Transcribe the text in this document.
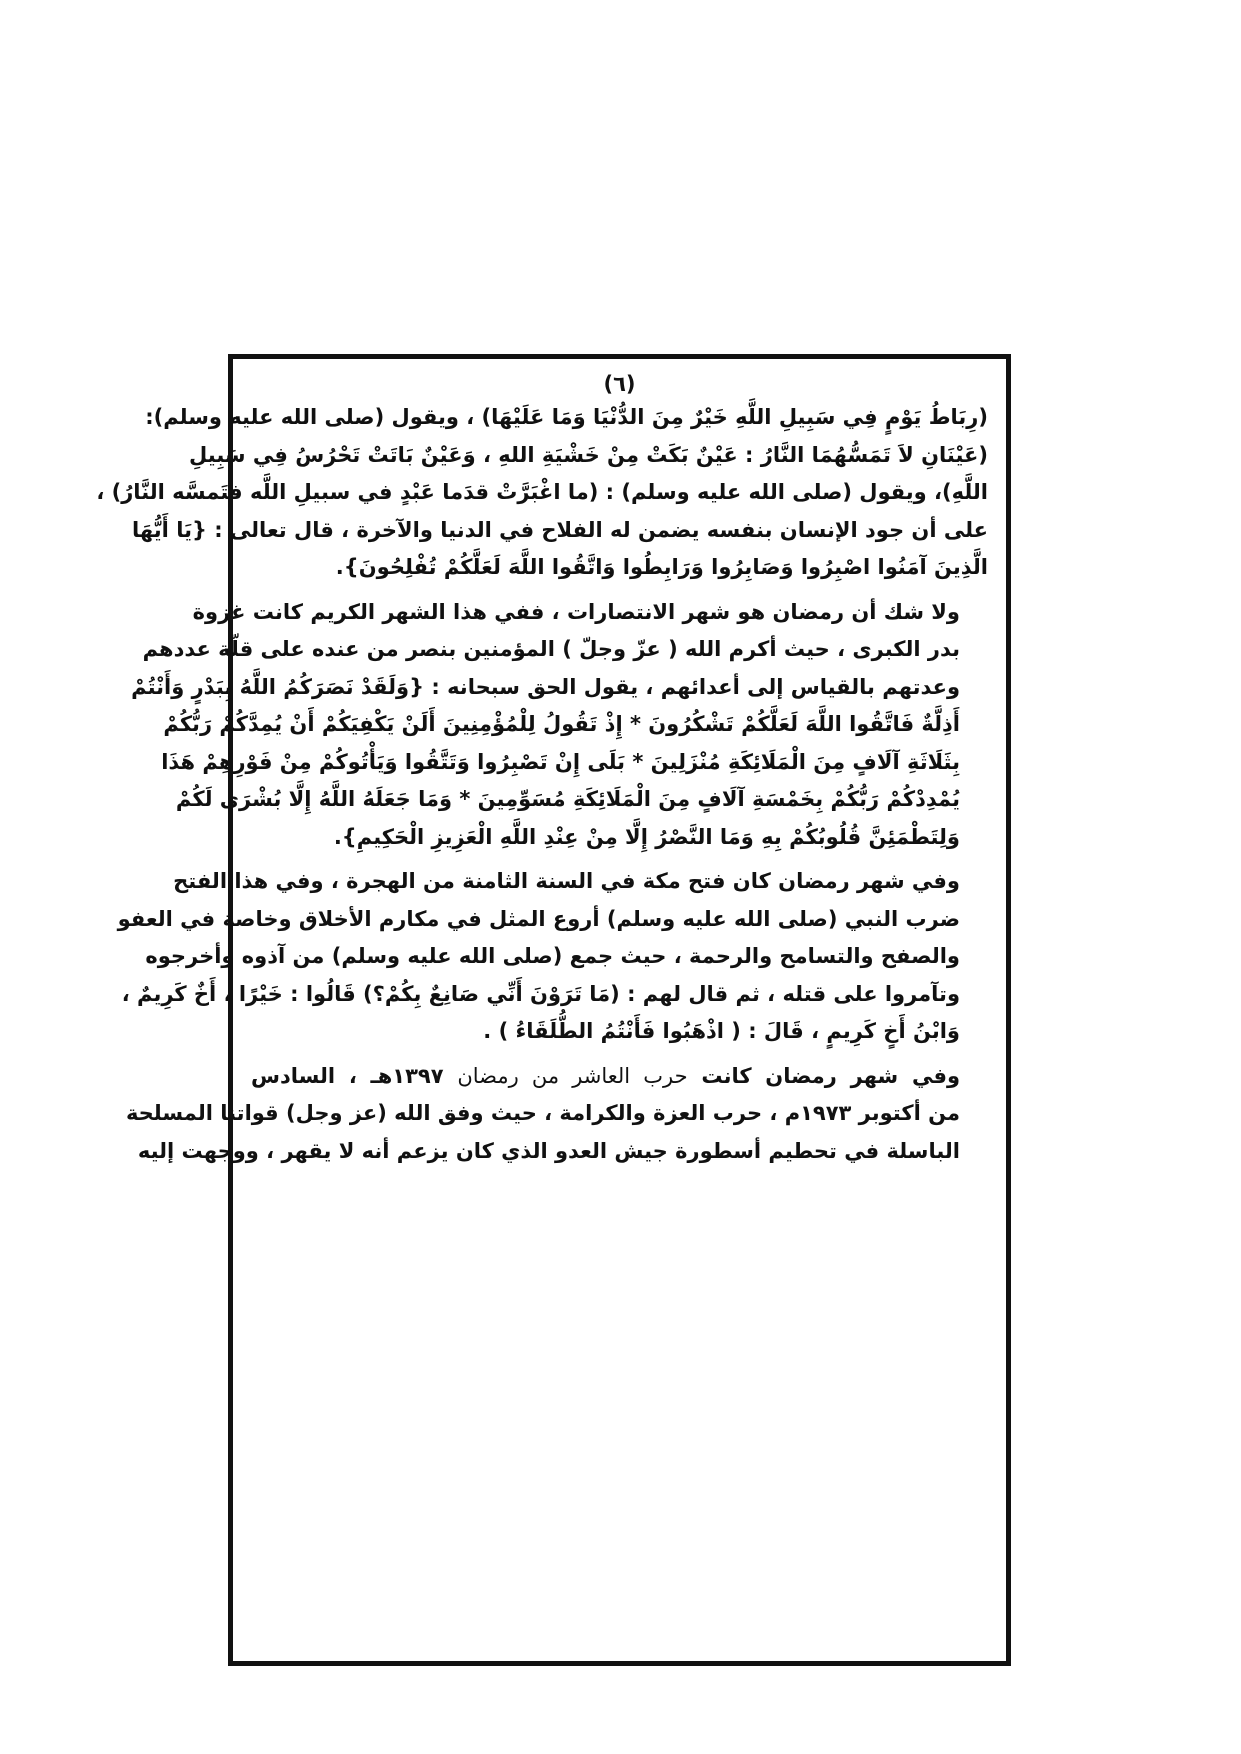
(٦)

(رِبَاطُ يَوْمٍ فِي سَبِيلِ اللَّهِ خَيْرٌ مِنَ الدُّنْيَا وَمَا عَلَيْهَا) ، ويقول (صلى الله عليه وسلم):
(عَيْنَانِ لاَ تَمَسُّهُمَا النَّارُ : عَيْنٌ بَكَتْ مِنْ خَشْيَةِ اللهِ ، وَعَيْنٌ بَاتَتْ تَحْرُسُ فِي سَبِيلِ
اللَّهِ)، ويقول (صلى الله عليه وسلم) : (ما اغْبَرَّتْ قدَما عَبْدٍ في سبيلِ اللَّه فتَمسَّه النَّارُ) ،
على أن جود الإنسان بنفسه يضمن له الفلاح في الدنيا والآخرة ، قال تعالى : {يَا أَيُّهَا
الَّذِينَ آمَنُوا اصْبِرُوا وَصَابِرُوا وَرَابِطُوا وَاتَّقُوا اللَّهَ لَعَلَّكُمْ تُفْلِحُونَ}.

ولا شك أن رمضان هو شهر الانتصارات ، ففي هذا الشهر الكريم كانت غزوة
بدر الكبرى ، حيث أكرم الله ( عزّ وجلّ ) المؤمنين بنصر من عنده على قلّة عددهم
وعدتهم بالقياس إلى أعدائهم ، يقول الحق سبحانه : {وَلَقَدْ نَصَرَكُمُ اللَّهُ بِبَدْرٍ وَأَنْتُمْ
أَذِلَّةٌ فَاتَّقُوا اللَّهَ لَعَلَّكُمْ تَشْكُرُونَ * إِذْ تَقُولُ لِلْمُؤْمِنِينَ أَلَنْ يَكْفِيَكُمْ أَنْ يُمِدَّكُمْ رَبُّكُمْ
بِثَلَاثَةِ آلَافٍ مِنَ الْمَلَائِكَةِ مُنْزَلِينَ * بَلَى إِنْ تَصْبِرُوا وَتَتَّقُوا وَيَأْتُوكُمْ مِنْ فَوْرِهِمْ هَذَا
يُمْدِدْكُمْ رَبُّكُمْ بِخَمْسَةِ آلَافٍ مِنَ الْمَلَائِكَةِ مُسَوِّمِينَ * وَمَا جَعَلَهُ اللَّهُ إِلَّا بُشْرَى لَكُمْ
وَلِتَطْمَئِنَّ قُلُوبُكُمْ بِهِ وَمَا النَّصْرُ إِلَّا مِنْ عِنْدِ اللَّهِ الْعَزِيزِ الْحَكِيمِ}.

وفي شهر رمضان كان فتح مكة في السنة الثامنة من الهجرة ، وفي هذا الفتح
ضرب النبي (صلى الله عليه وسلم) أروع المثل في مكارم الأخلاق وخاصة في العفو
والصفح والتسامح والرحمة ، حيث جمع (صلى الله عليه وسلم) من آذوه وأخرجوه
وتآمروا على قتله ، ثم قال لهم : (مَا تَرَوْنَ أَنِّي صَانِعٌ بِكُمْ؟) قَالُوا : خَيْرًا ، أَخٌ كَرِيمٌ ،
وَابْنُ أَخٍ كَرِيمٍ ، قَالَ : ( اذْهَبُوا فَأَنْتُمُ الطُّلَقَاءُ ) .

وفي شهر رمضان كانت حرب العاشر من رمضان ١٣٩٧هـ ، السادس
من أكتوبر ١٩٧٣م ، حرب العزة والكرامة ، حيث وفق الله (عز وجل) قواتنا المسلحة
الباسلة في تحطيم أسطورة جيش العدو الذي كان يزعم أنه لا يقهر ، ووجهت إليه
